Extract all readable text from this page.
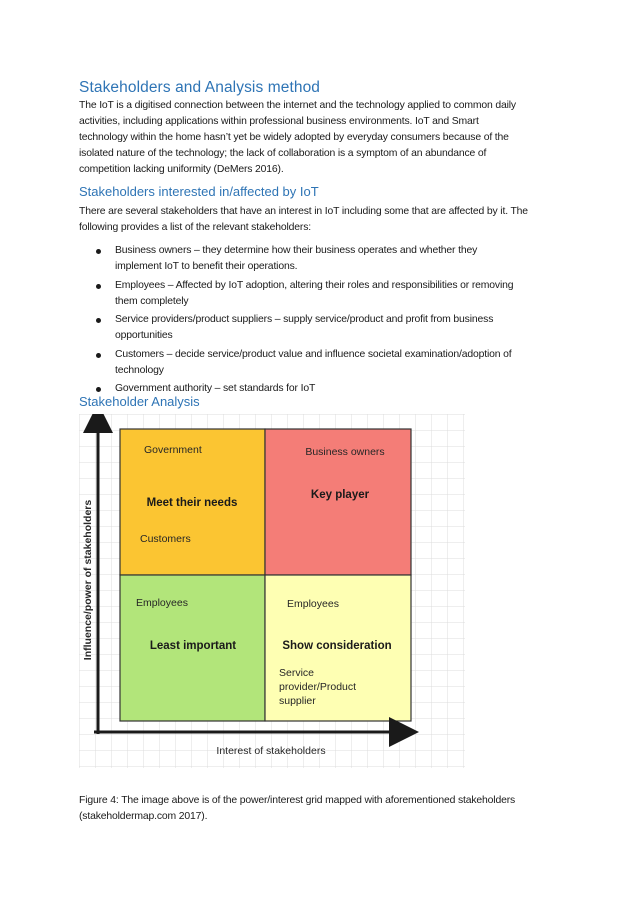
Stakeholders and Analysis method

The IoT is a digitised connection between the internet and the technology applied to common daily
activities, including applications within professional business environments. IoT and Smart
technology within the home hasn’t yet be widely adopted by everyday consumers because of the
isolated nature of the technology; the lack of collaboration is a symptom of an abundance of
competition lacking uniformity (DeMers 2016).

Stakeholders interested in/affected by IoT

There are several stakeholders that have an interest in IoT including some that are affected by it. The
following provides a list of the relevant stakeholders:

Business owners – they determine how their business operates and whether they
implement IoT to benefit their operations.
Employees – Affected by IoT adoption, altering their roles and responsibilities or removing
them completely
Service providers/product suppliers – supply service/product and profit from business
opportunities
Customers – decide service/product value and influence societal examination/adoption of
technology
Government authority – set standards for IoT
Stakeholder Analysis
Influence/power of stakeholders
Interest of stakeholders
Government
Meet their needs
Customers
Business owners
Key player
Employees
Least important
Employees
Show consideration
Service
provider/Product
supplier

Figure 4: The image above is of the power/interest grid mapped with aforementioned stakeholders
(stakeholdermap.com 2017).
